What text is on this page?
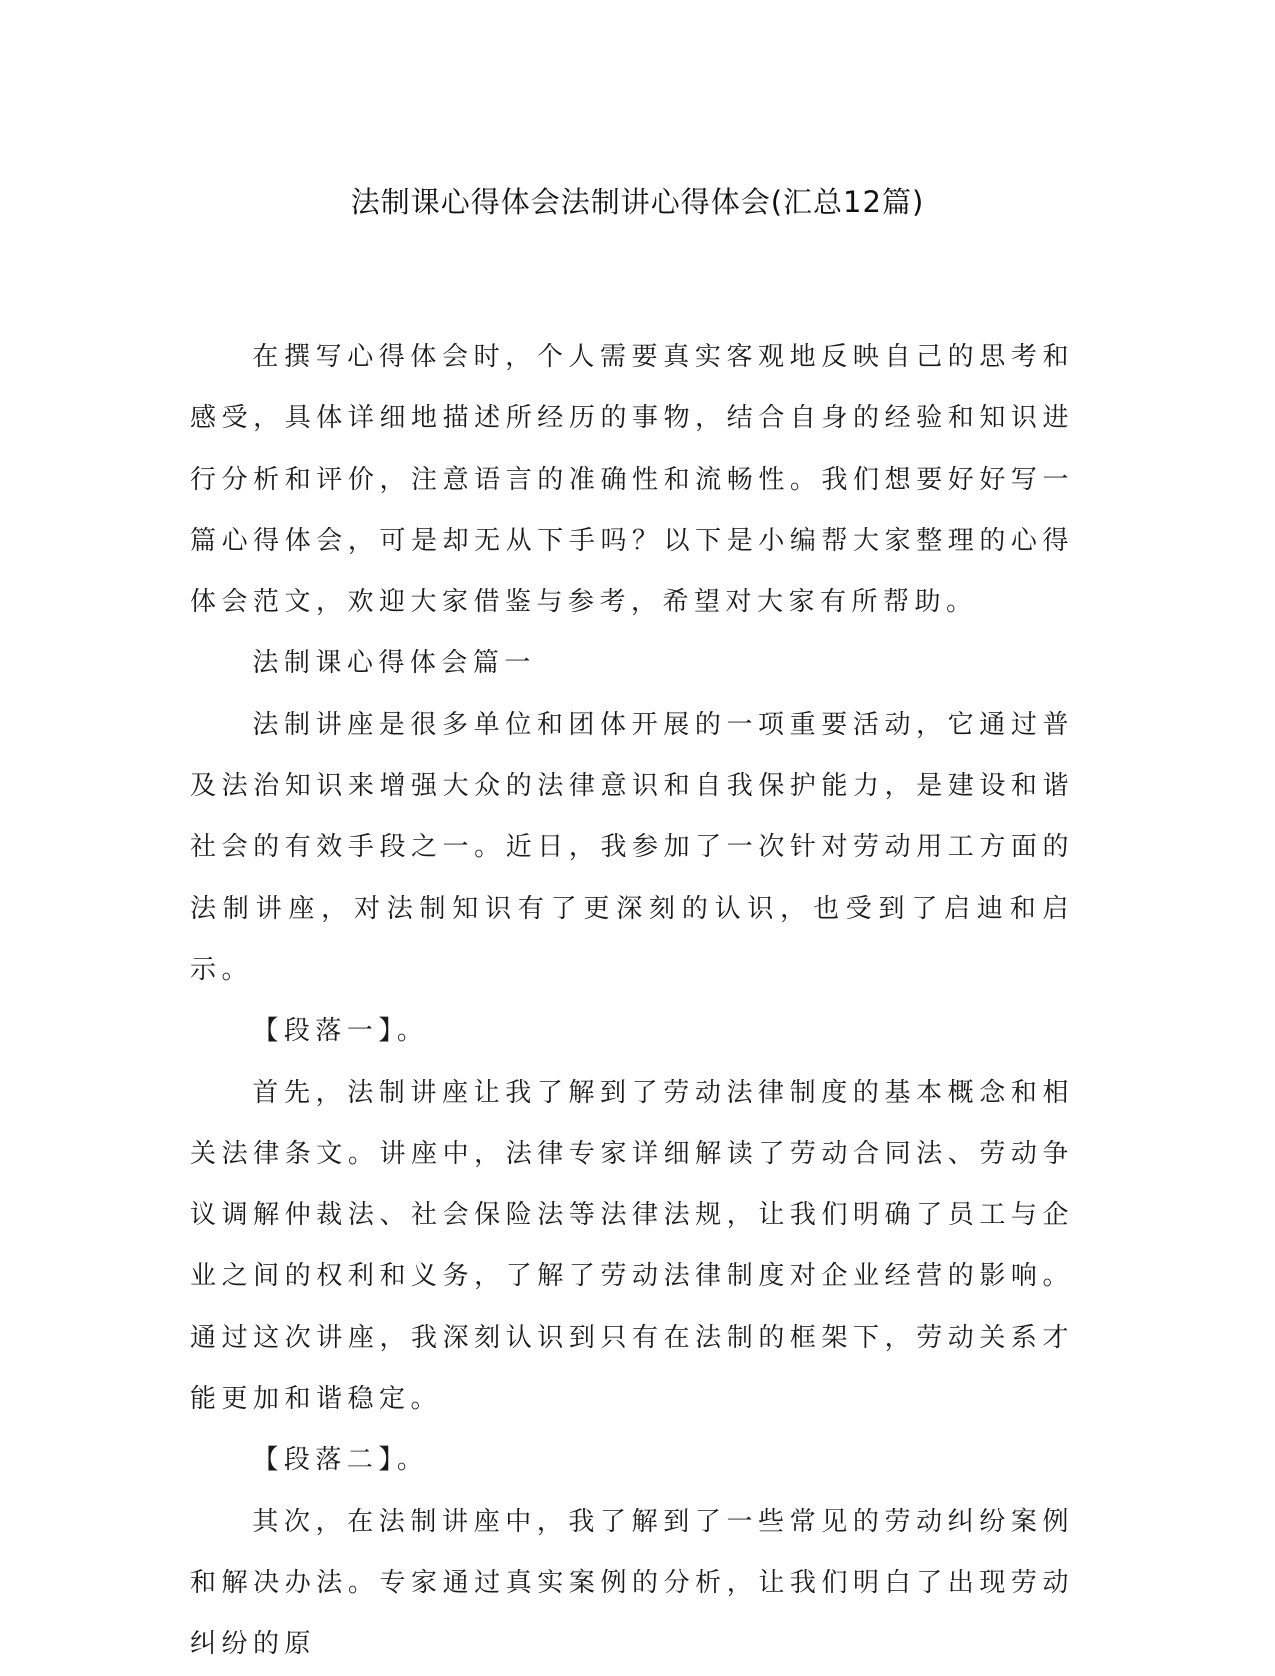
法制课心得体会法制讲心得体会(汇总12篇)

在撰写心得体会时，个人需要真实客观地反映自己的思考和感受，具体详细地描述所经历的事物，结合自身的经验和知识进行分析和评价，注意语言的准确性和流畅性。我们想要好好写一篇心得体会，可是却无从下手吗？以下是小编帮大家整理的心得体会范文，欢迎大家借鉴与参考，希望对大家有所帮助。

法制课心得体会篇一

法制讲座是很多单位和团体开展的一项重要活动，它通过普及法治知识来增强大众的法律意识和自我保护能力，是建设和谐社会的有效手段之一。近日，我参加了一次针对劳动用工方面的法制讲座，对法制知识有了更深刻的认识，也受到了启迪和启示。

【段落一】。

首先，法制讲座让我了解到了劳动法律制度的基本概念和相关法律条文。讲座中，法律专家详细解读了劳动合同法、劳动争议调解仲裁法、社会保险法等法律法规，让我们明确了员工与企业之间的权利和义务，了解了劳动法律制度对企业经营的影响。通过这次讲座，我深刻认识到只有在法制的框架下，劳动关系才能更加和谐稳定。

【段落二】。

其次，在法制讲座中，我了解到了一些常见的劳动纠纷案例和解决办法。专家通过真实案例的分析，让我们明白了出现劳动纠纷的原
